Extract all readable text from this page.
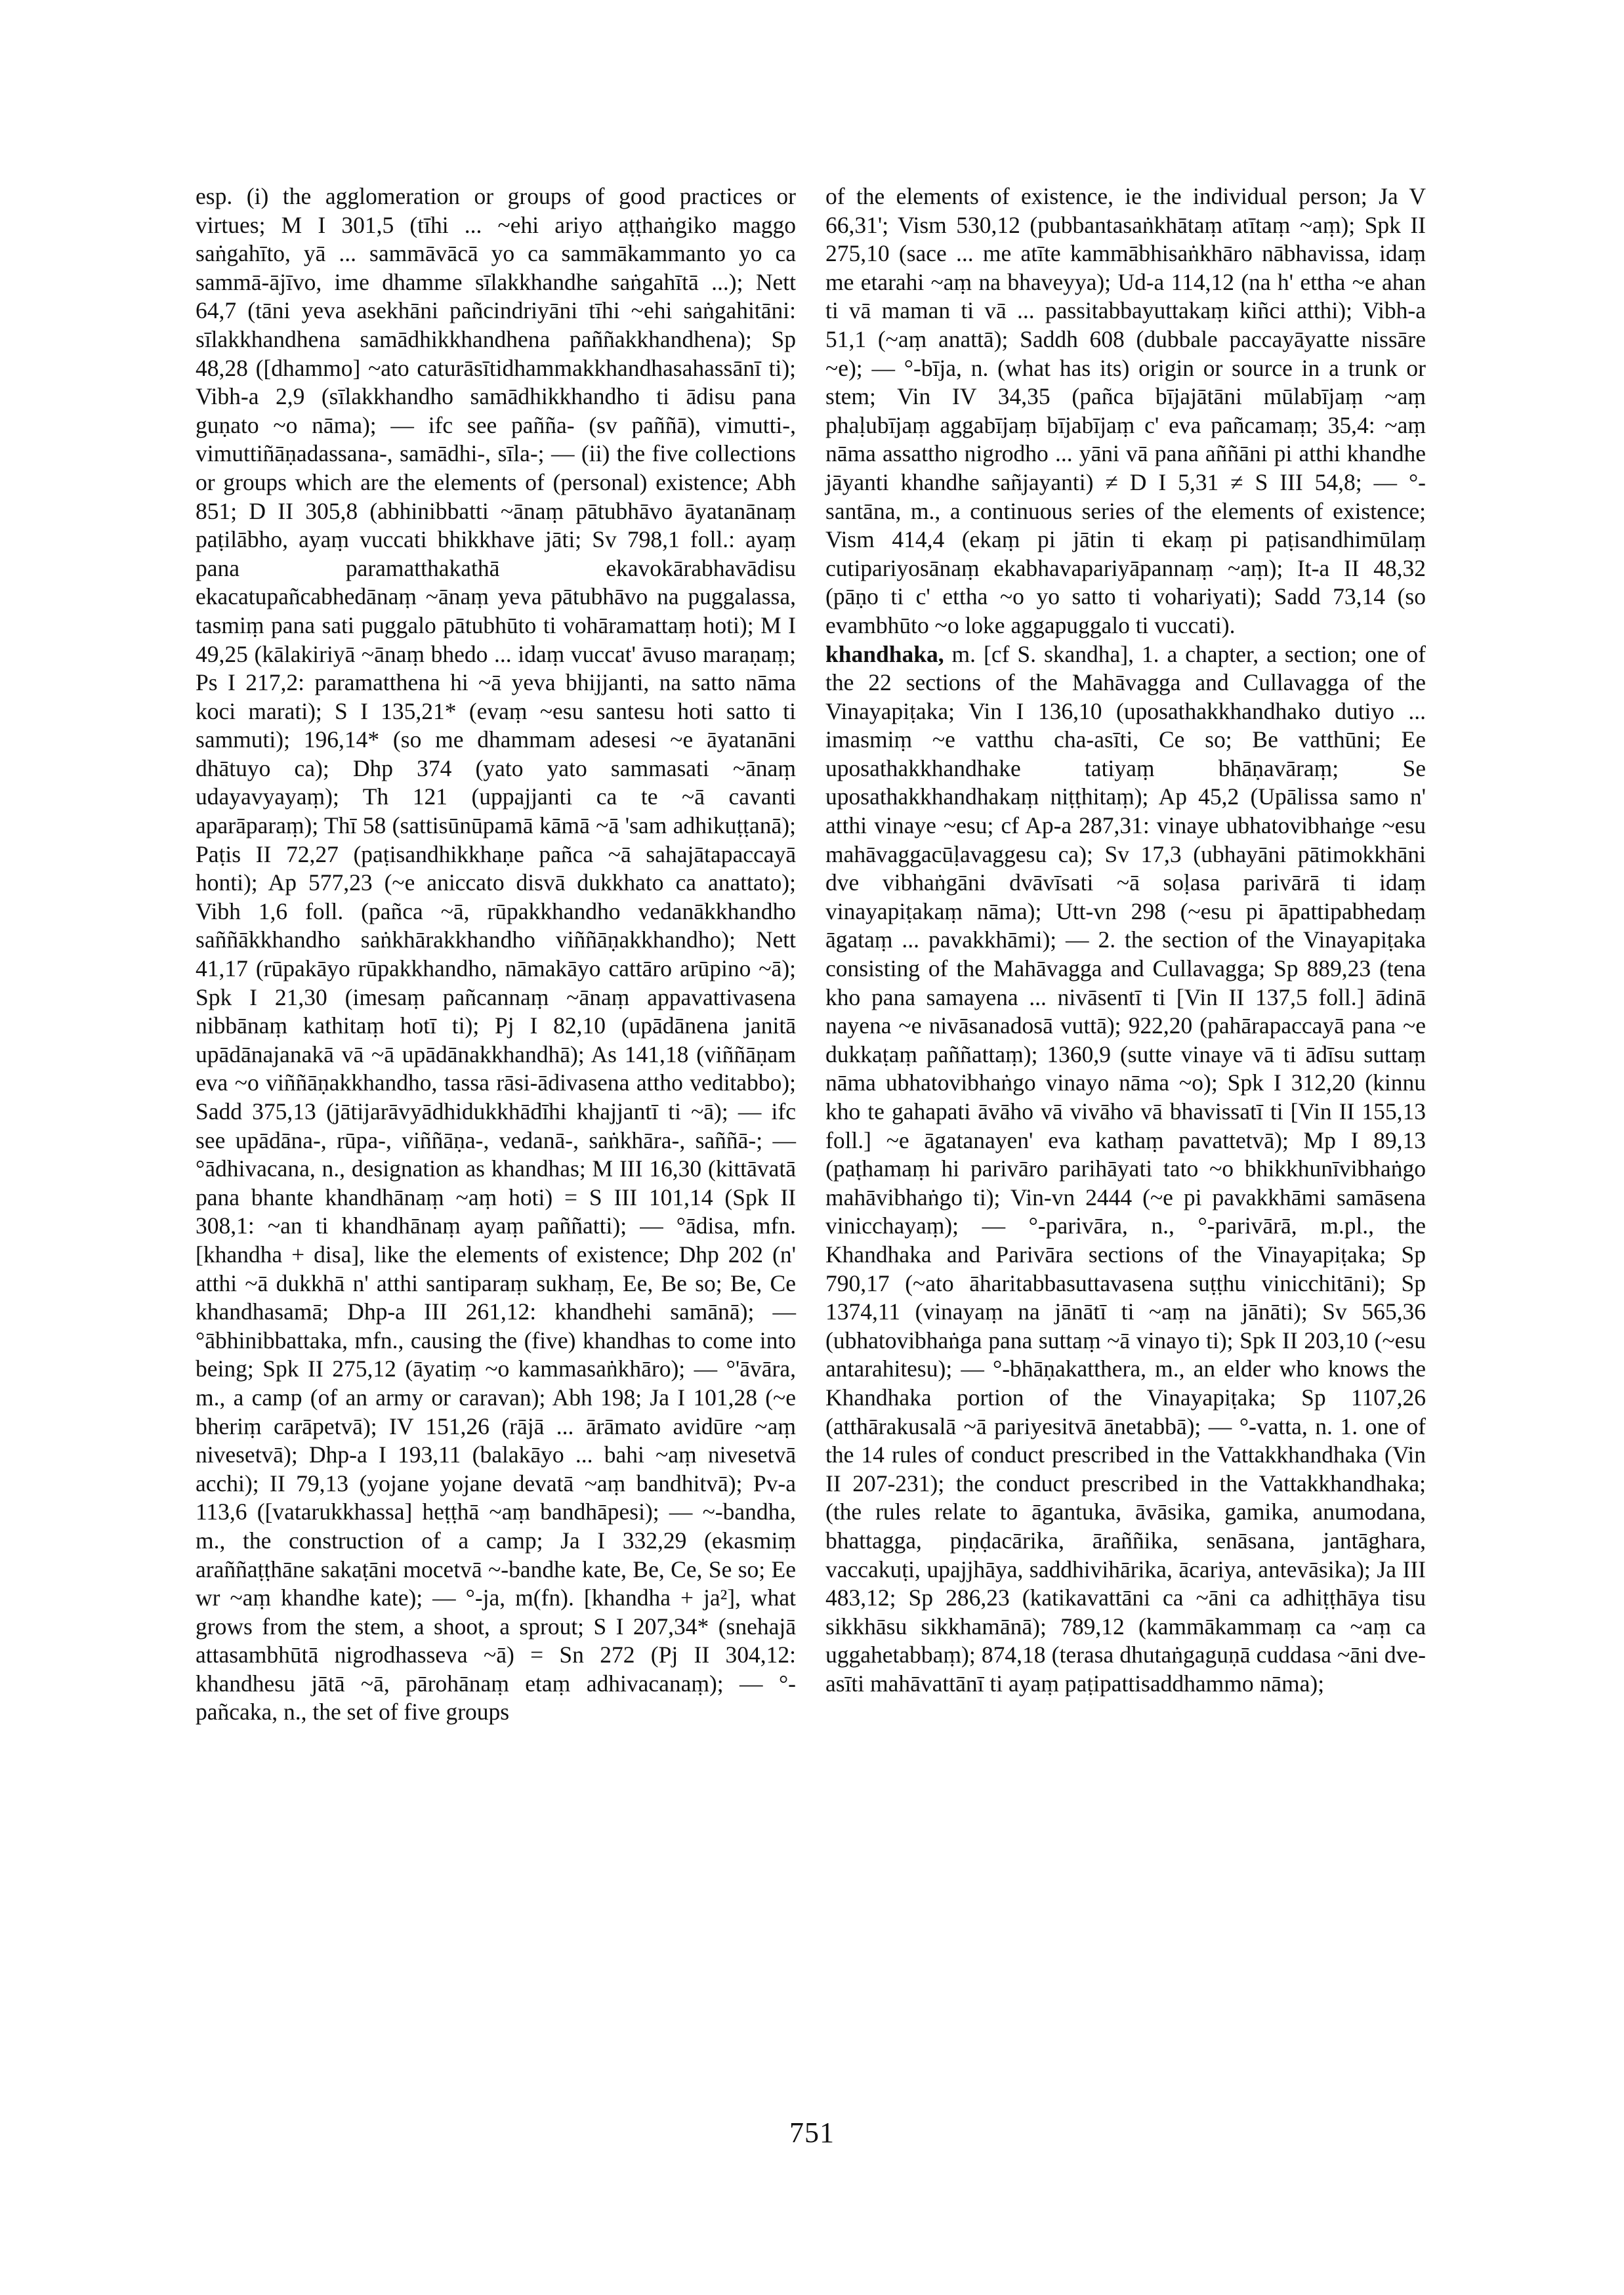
esp. (i) the agglomeration or groups of good practices or virtues; M I 301,5 (tīhi ... ~ehi ariyo aṭṭhaṅgiko maggo saṅgahīto, yā ... sammāvācā yo ca sammākammanto yo ca sammā-ājīvo, ime dhamme sīlakkhandhe saṅgahītā ...); Nett 64,7 (tāni yeva asekhāni pañcindriyāni tīhi ~ehi saṅgahitāni: sīlakkhandhena samādhikkhandhena paññakkhandhena); Sp 48,28 ([dhammo] ~ato caturāsītidhammakkhandhasahassānī ti); Vibh-a 2,9 (sīlakkhandho samādhikkhandho ti ādisu pana guṇato ~o nāma); — ifc see pañña- (sv paññā), vimutti-, vimuttiñāṇadassana-, samādhi-, sīla-; — (ii) the five collections or groups which are the elements of (personal) existence; Abh 851; D II 305,8 (abhinibbatti ~ānaṃ pātubhāvo āyatanānaṃ paṭilābho, ayaṃ vuccati bhikkhave jāti; Sv 798,1 foll.: ayaṃ pana paramatthakathā ekavokārabhavādisu ekacatupañcabhedānaṃ ~ānaṃ yeva pātubhāvo na puggalassa, tasmiṃ pana sati puggalo pātubhūto ti vohāramattaṃ hoti); M I 49,25 (kālakiriyā ~ānaṃ bhedo ... idaṃ vuccat' āvuso maraṇaṃ; Ps I 217,2: paramatthena hi ~ā yeva bhijjanti, na satto nāma koci marati); S I 135,21* (evaṃ ~esu santesu hoti satto ti sammuti); 196,14* (so me dhammam adesesi ~e āyatanāni dhātuyo ca); Dhp 374 (yato yato sammasati ~ānaṃ udayavyayaṃ); Th 121 (uppajjanti ca te ~ā cavanti aparāparaṃ); Thī 58 (sattisūnūpamā kāmā ~ā 'sam adhikuṭṭanā); Paṭis II 72,27 (paṭisandhikkhaṇe pañca ~ā sahajātapaccayā honti); Ap 577,23 (~e aniccato disvā dukkhato ca anattato); Vibh 1,6 foll. (pañca ~ā, rūpakkhandho vedanākkhandho saññākkhandho saṅkhārakkhandho viññāṇakkhandho); Nett 41,17 (rūpakāyo rūpakkhandho, nāmakāyo cattāro arūpino ~ā); Spk I 21,30 (imesaṃ pañcannaṃ ~ānaṃ appavattivasena nibbānaṃ kathitaṃ hotī ti); Pj I 82,10 (upādānena janitā upādānajanakā vā ~ā upādānakkhandhā); As 141,18 (viññāṇam eva ~o viññāṇakkhandho, tassa rāsi-ādivasena attho veditabbo); Sadd 375,13 (jātijarāvyādhidukkhādīhi khajjantī ti ~ā); — ifc see upādāna-, rūpa-, viññāṇa-, vedanā-, saṅkhāra-, saññā-; —°ādhivacana, n., designation as khandhas; M III 16,30 (kittāvatā pana bhante khandhānaṃ ~aṃ hoti) = S III 101,14 (Spk II 308,1: ~an ti khandhānaṃ ayaṃ paññatti); — °ādisa, mfn. [khandha + disa], like the elements of existence; Dhp 202 (n' atthi ~ā dukkhā n' atthi santiparaṃ sukhaṃ, Ee, Be so; Be, Ce khandhasamā; Dhp-a III 261,12: khandhehi samānā); —°ābhinibbattaka, mfn., causing the (five) khandhas to come into being; Spk II 275,12 (āyatiṃ ~o kammasaṅkhāro); — °'āvāra, m., a camp (of an army or caravan); Abh 198; Ja I 101,28 (~e bheriṃ carāpetvā); IV 151,26 (rājā ... ārāmato avidūre ~aṃ nivesetvā); Dhp-a I 193,11 (balakāyo ... bahi ~aṃ nivesetvā acchi); II 79,13 (yojane yojane devatā ~aṃ bandhitvā); Pv-a 113,6 ([vatarukkhassa] heṭṭhā ~aṃ bandhāpesi); — ~-bandha, m., the construction of a camp; Ja I 332,29 (ekasmiṃ araññaṭṭhāne sakaṭāni mocetvā ~-bandhe kate, Be, Ce, Se so; Ee wr ~aṃ khandhe kate); — °-ja, m(fn). [khandha + ja²], what grows from the stem, a shoot, a sprout; S I 207,34* (snehajā attasambhūtā nigrodhasseva ~ā) = Sn 272 (Pj II 304,12: khandhesu jātā ~ā, pārohānaṃ etaṃ adhivacanaṃ); — °-pañcaka, n., the set of five groups

of the elements of existence, ie the individual person; Ja V 66,31'; Vism 530,12 (pubbantasaṅkhātaṃ atītaṃ ~aṃ); Spk II 275,10 (sace ... me atīte kammābhisaṅkhāro nābhavissa, idaṃ me etarahi ~aṃ na bhaveyya); Ud-a 114,12 (na h' ettha ~e ahan ti vā maman ti vā ... passitabbayuttakaṃ kiñci atthi); Vibh-a 51,1 (~aṃ anattā); Saddh 608 (dubbale paccayāyatte nissāre ~e); — °-bīja, n. (what has its) origin or source in a trunk or stem; Vin IV 34,35 (pañca bījajātāni mūlabījaṃ ~aṃ phaḷubījaṃ aggabījaṃ bījabījaṃ c' eva pañcamaṃ; 35,4: ~aṃ nāma assattho nigrodho ... yāni vā pana aññāni pi atthi khandhe jāyanti khandhe sañjayanti) ≠ D I 5,31 ≠ S III 54,8; — °-santāna, m., a continuous series of the elements of existence; Vism 414,4 (ekaṃ pi jātin ti ekaṃ pi paṭisandhimūlaṃ cutipariyosānaṃ ekabhavapariyāpannaṃ ~aṃ); It-a II 48,32 (pāṇo ti c' ettha ~o yo satto ti vohariyati); Sadd 73,14 (so evambhūto ~o loke aggapuggalo ti vuccati).

khandhaka, m. [cf S. skandha], 1. a chapter, a section; one of the 22 sections of the Mahāvagga and Cullavagga of the Vinayapiṭaka; Vin I 136,10 (uposathakkhandhako dutiyo ... imasmiṃ ~e vatthu cha-asīti, Ce so; Be vatthūni; Ee uposathakkhandhake tatiyaṃ bhāṇavāraṃ; Se uposathakkhandhakaṃ niṭṭhitaṃ); Ap 45,2 (Upālissa samo n' atthi vinaye ~esu; cf Ap-a 287,31: vinaye ubhatovibhaṅge ~esu mahāvaggacūḷavaggesu ca); Sv 17,3 (ubhayāni pātimokkhāni dve vibhaṅgāni dvāvīsati ~ā soḷasa parivārā ti idaṃ vinayapiṭakaṃ nāma); Utt-vn 298 (~esu pi āpattipabhedaṃ āgataṃ ... pavakkhāmi); — 2. the section of the Vinayapiṭaka consisting of the Mahāvagga and Cullavagga; Sp 889,23 (tena kho pana samayena ... nivāsentī ti [Vin II 137,5 foll.] ādinā nayena ~e nivāsanadosā vuttā); 922,20 (pahārapaccayā pana ~e dukkaṭaṃ paññattaṃ); 1360,9 (sutte vinaye vā ti ādīsu suttaṃ nāma ubhatovibhaṅgo vinayo nāma ~o); Spk I 312,20 (kinnu kho te gahapati āvāho vā vivāho vā bhavissatī ti [Vin II 155,13 foll.] ~e āgatanayen' eva kathaṃ pavattetvā); Mp I 89,13 (paṭhamaṃ hi parivāro parihāyati tato ~o bhikkhunīvibhaṅgo mahāvibhaṅgo ti); Vin-vn 2444 (~e pi pavakkhāmi samāsena vinicchayaṃ); — °-parivāra, n., °-parivārā, m.pl., the Khandhaka and Parivāra sections of the Vinayapiṭaka; Sp 790,17 (~ato āharitabbasuttavasena suṭṭhu vinicchitāni); Sp 1374,11 (vinayaṃ na jānātī ti ~aṃ na jānāti); Sv 565,36 (ubhatovibhaṅga pana suttaṃ ~ā vinayo ti); Spk II 203,10 (~esu antarahitesu); — °-bhāṇakatthera, m., an elder who knows the Khandhaka portion of the Vinayapiṭaka; Sp 1107,26 (atthārakusalā ~ā pariyesitvā ānetabbā); — °-vatta, n. 1. one of the 14 rules of conduct prescribed in the Vattakkhandhaka (Vin II 207-231); the conduct prescribed in the Vattakkhandhaka; (the rules relate to āgantuka, āvāsika, gamika, anumodana, bhattagga, piṇḍacārika, āraññika, senāsana, jantāghara, vaccakuṭi, upajjhāya, saddhivihārika, ācariya, antevāsika); Ja III 483,12; Sp 286,23 (katikavattāni ca ~āni ca adhiṭṭhāya tisu sikkhāsu sikkhamānā); 789,12 (kammākammaṃ ca ~aṃ ca uggahetabbaṃ); 874,18 (terasa dhutaṅgaguṇā cuddasa ~āni dve-asīti mahāvattānī ti ayaṃ paṭipattisaddhammo nāma);

751
